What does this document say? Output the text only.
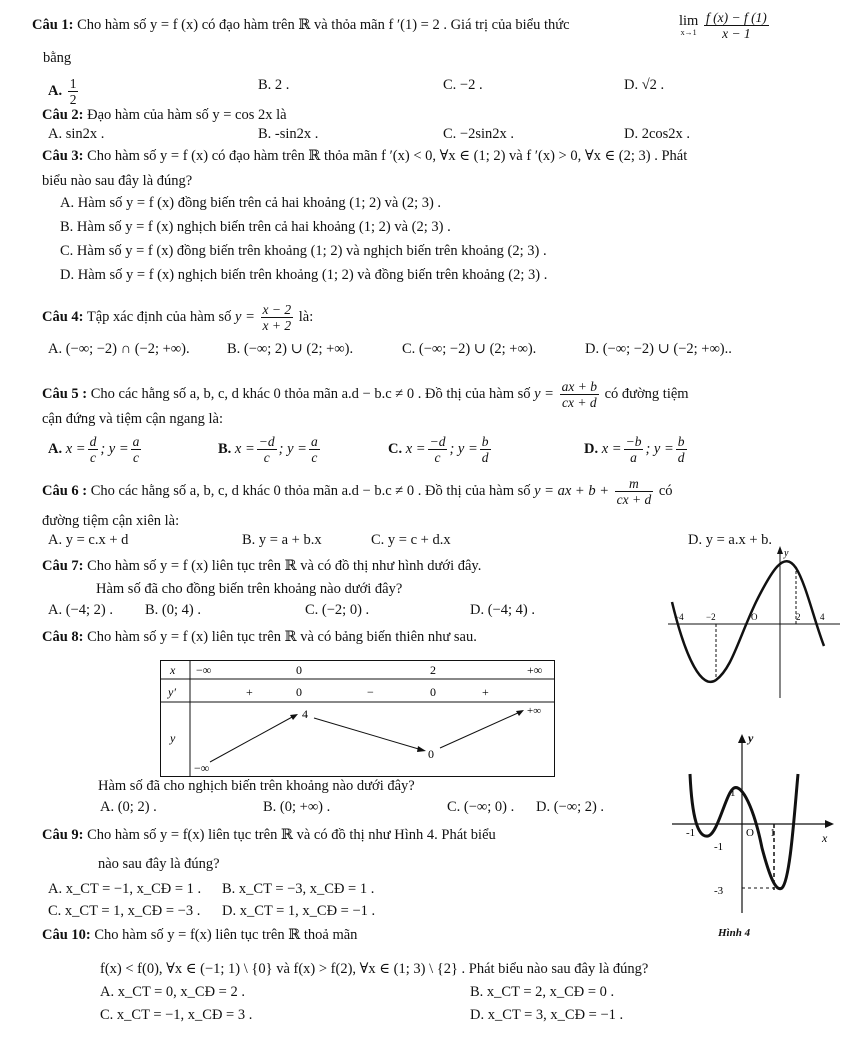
Câu 1: Cho hàm số y = f (x) có đạo hàm trên ℝ và thỏa mãn f ′(1) = 2 . Giá trị của biểu thức	lim
x→1
$\frac{f (x) - f (1)}{x - 1}$
bằng
A. $\frac{1}{2}$	B. 2 .	C. −2 .	D. √2 .
Câu 2: Đạo hàm của hàm số y = cos 2x là
A. sin2x .	B. -sin2x .	C. −2sin2x .	D. 2cos2x .
Câu 3: Cho hàm số y = f (x) có đạo hàm trên ℝ thỏa mãn f ′(x) < 0, ∀x ∈ (1; 2) và f ′(x) > 0, ∀x ∈ (2; 3) . Phát
biểu nào sau đây là đúng?
A. Hàm số y = f (x) đồng biến trên cả hai khoảng (1; 2) và (2; 3) .
B. Hàm số y = f (x) nghịch biến trên cả hai khoảng (1; 2) và (2; 3) .
C. Hàm số y = f (x) đồng biến trên khoảng (1; 2) và nghịch biến trên khoảng (2; 3) .
D. Hàm số y = f (x) nghịch biến trên khoảng (1; 2) và đồng biến trên khoảng (2; 3) .
Câu 4: Tập xác định của hàm số $y = \frac{x - 2}{x + 2}$ là:
A. (−∞; −2) ∩ (−2; +∞).	B. (−∞; 2) ∪ (2; +∞).	C. (−∞; −2) ∪ (2; +∞).	D. (−∞; −2) ∪ (−2; +∞)..
Câu 5 : Cho các hằng số a, b, c, d khác 0 thỏa mãn a.d − b.c ≠ 0 . Đồ thị của hàm số $y = \frac{ax + b}{cx + d}$ có đường tiệm
cận đứng và tiệm cận ngang là:
A. $x = \frac{d}{c}$ ; $y = \frac{a}{c}$	B. $x = \frac{-d}{c}$ ; $y = \frac{a}{c}$	C. $x = \frac{-d}{c}$ ; $y = \frac{b}{d}$	D. $x = \frac{-b}{a}$ ; $y = \frac{b}{d}$
Câu 6 : Cho các hằng số a, b, c, d khác 0 thỏa mãn a.d − b.c ≠ 0 . Đồ thị của hàm số y = ax + $b + \frac{m}{cx + d}$ có
đường tiệm cận xiên là:
A. y = c.x + d	B. y = a + b.x	C. y = c + d.x	D. y = a.x + b.
Câu 7: Cho hàm số y = f (x) liên tục trên ℝ và có đồ thị như hình dưới đây.
Hàm số đã cho đồng biến trên khoảng nào dưới đây?
A. (−4; 2) . B. (0; 4) .	C. (−2; 0) .	D. (−4; 4) .
y
−4 −2	O	2 4
Câu 8: Cho hàm số y = f (x) liên tục trên ℝ và có bảng biến thiên như sau.
x
y′
y
−∞	0	2	+∞
+	0	−	0	+
−∞
4
0
+∞
Hàm số đã cho nghịch biến trên khoảng nào dưới đây?
A. (0; 2) .	B. (0; +∞) .	C. (−∞; 0) . D. (−∞; 2) .
y
x
O
-1	1
1
-1
-3
Hình 4
Câu 9: Cho hàm số y = f(x) liên tục trên ℝ và có đồ thị như Hình 4. Phát biểu
nào sau đây là đúng?
A. x_CT = −1, x_CĐ = 1 . B. x_CT = −3, x_CĐ = 1 .
C. x_CT = 1, x_CĐ = −3 . D. x_CT = 1, x_CĐ = −1 .
Câu 10: Cho hàm số y = f(x) liên tục trên ℝ thoả mãn
f(x) < f(0), ∀x ∈ (−1; 1) \ {0} và f(x) > f(2), ∀x ∈ (1; 3) \ {2} . Phát biểu nào sau đây là đúng?
A. x_CT = 0, x_CĐ = 2 .	B. x_CT = 2, x_CĐ = 0 .
C. x_CT = −1, x_CĐ = 3 .	D. x_CT = 3, x_CĐ = −1 .
